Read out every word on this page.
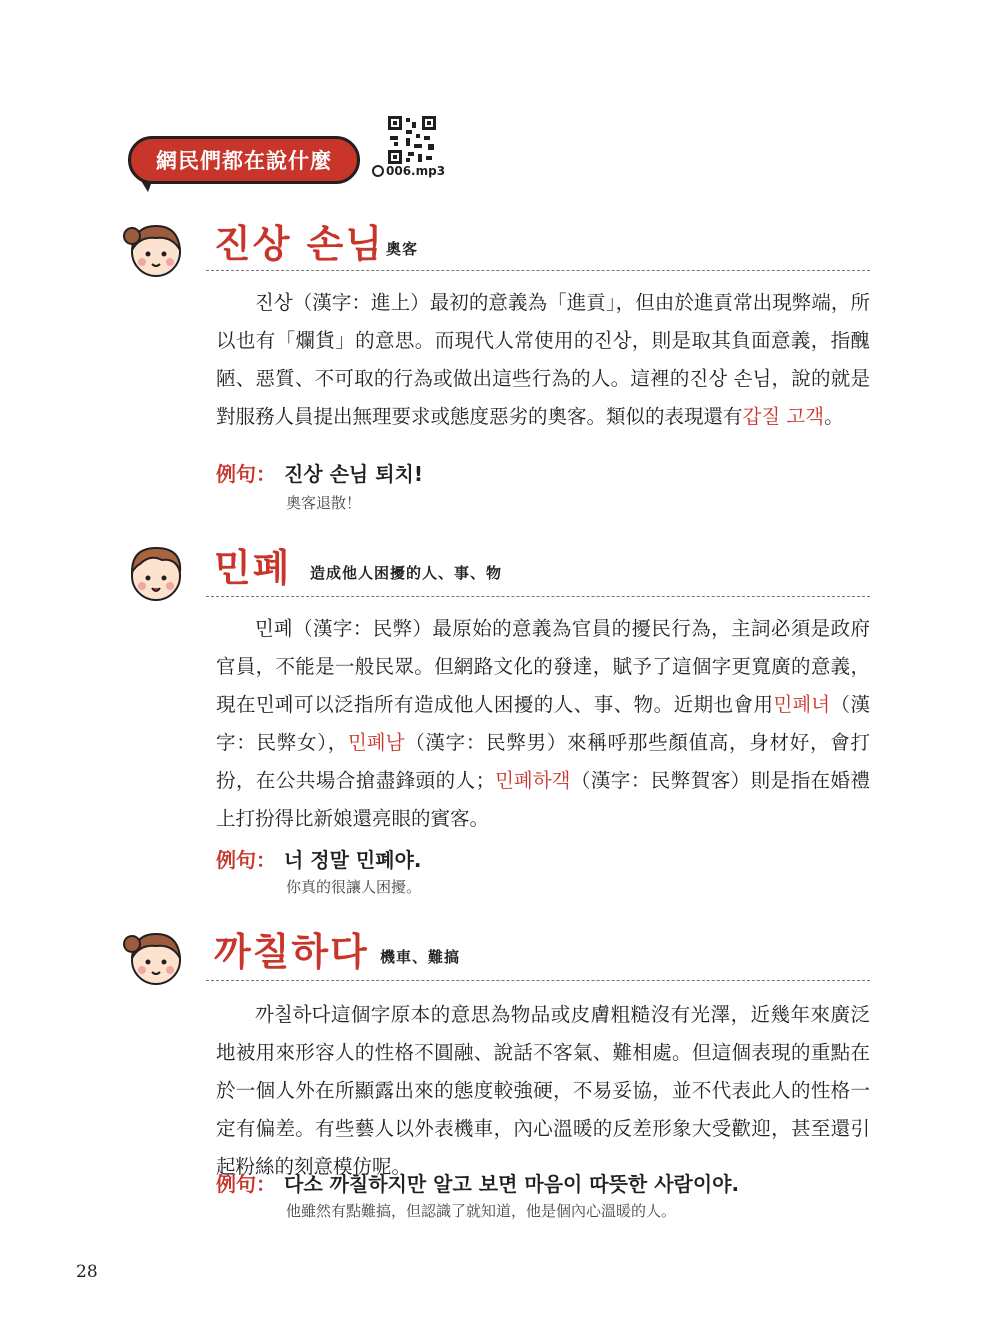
網民們都在說什麼	006.mp3
진상 손님 奧客
진상（漢字：進上）最初的意義為「進貢」，但由於進貢常出現弊端，所以也有「爛貨」的意思。而現代人常使用的진상，則是取其負面意義，指醜陋、惡質、不可取的行為或做出這些行為的人。這裡的진상 손님，說的就是對服務人員提出無理要求或態度惡劣的奧客。類似的表現還有갑질 고객。
例句： 진상 손님 퇴치!
奧客退散！
민폐 造成他人困擾的人、事、物
민폐（漢字：民弊）最原始的意義為官員的擾民行為，主詞必須是政府官員，不能是一般民眾。但網路文化的發達，賦予了這個字更寬廣的意義，現在민폐可以泛指所有造成他人困擾的人、事、物。近期也會用민폐녀（漢字：民弊女），민폐남（漢字：民弊男）來稱呼那些顏值高，身材好，會打扮，在公共場合搶盡鋒頭的人；민폐하객（漢字：民弊賀客）則是指在婚禮上打扮得比新娘還亮眼的賓客。
例句： 너 정말 민폐야.
你真的很讓人困擾。
까칠하다 機車、難搞
까칠하다這個字原本的意思為物品或皮膚粗糙沒有光澤，近幾年來廣泛地被用來形容人的性格不圓融、說話不客氣、難相處。但這個表現的重點在於一個人外在所顯露出來的態度較強硬，不易妥協，並不代表此人的性格一定有偏差。有些藝人以外表機車，內心溫暖的反差形象大受歡迎，甚至還引起粉絲的刻意模仿呢。
例句： 다소 까칠하지만 알고 보면 마음이 따뜻한 사람이야.
他雖然有點難搞，但認識了就知道，他是個內心溫暖的人。
28
